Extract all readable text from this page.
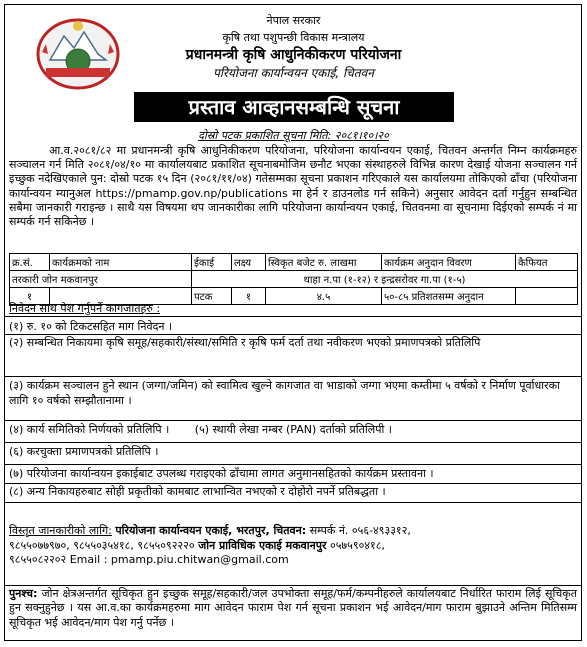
नेपाल सरकार
कृषि तथा पशुपन्छी विकास मन्त्रालय
प्रधानमन्त्री कृषि आधुनिकीकरण परियोजना
परियोजना कार्यान्वयन एकाई, चितवन
प्रस्ताव आव्हानसम्बन्धि सूचना
दोस्रो पटक प्रकाशित सूचना मिति: २०८१।१०।२०
आ.व.२०८१/८२ मा प्रधानमन्त्री कृषि आधुनिकीकरण परियोजना, परियोजना कार्यान्वयन एकाई, चितवन अन्तर्गत निम्न कार्यक्रमहरु सञ्चालन गर्न मिति २०८१/०४/१० मा कार्यालयबाट प्रकाशित सूचनाबमोजिम छनौट भएका संस्थाहरुले विभिन्न कारण देखाई योजना सञ्चालन गर्न इच्छुक नदेखिएकाले पुन: दोस्रो पटक १५ दिन (२०८१/११/०४) गतेसम्मका सूचना प्रकाशन गरिएकाले यस कार्यालयमा तोकिएको ढाँचा (परियोजना कार्यान्वयन म्यानुअल https://pmamp.gov.np/publications मा हेर्न र डाउनलोड गर्न सकिने) अनुसार आवेदन दर्ता गर्नुहुन सम्बन्धित सबैमा जानकारी गराइन्छ । साथै यस विषयमा थप जानकारीका लागि परियोजना कार्यान्वयन एकाई, चितवनमा वा सूचनामा दिईएको सम्पर्क नं मा सम्पर्क गर्न सकिनेछ ।
क्र.सं.	कार्यक्रमको नाम	ईकाई	लक्ष्य	स्विकृत बजेट रु. लाखमा	कार्यक्रम अनुदान विवरण	कैफियत
तरकारी जोन मकवानपुर		थाहा न.पा (१-१२) र इन्द्रसरोवर गा.पा (१-५)				
१		पटक	१	४.५	५०-८५ प्रतिशतसम्म अनुदान	
निवेदन साथ पेश गर्नुपर्ने कागजातहरु :
(१) रु. १० को टिकटसहित माग निवेदन ।
(२) सम्बन्धित निकायमा कृषि समूह/सहकारी/संस्था/समिति र कृषि फर्म दर्ता तथा नवीकरण भएको प्रमाणपत्रको प्रतिलिपि
(३) कार्यक्रम सञ्चालन हुने स्थान (जग्गा/जमिन) को स्वामित्व खुल्ने कागजात वा भाडाको जग्गा भएमा कम्तीमा ५ वर्षको र निर्माण पूर्वाधारका लागि १० वर्षको सम्झौतानामा ।
(४) कार्य समितिको निर्णयको प्रतिलिपि । (५) स्थायी लेखा नम्बर (PAN) दर्ताको प्रतिलिपी ।
(६) करचुक्ता प्रमाणपत्रको प्रतिलिपि ।
(७) परियोजना कार्यान्वयन इकाईबाट उपलब्ध गराइएको ढाँचामा लागत अनुमानसहितको कार्यक्रम प्रस्तावना ।
(८) अन्य निकायहरुबाट सोही प्रकृतीको कामबाट लाभान्वित नभएको र दोहोरो नपर्ने प्रतिबद्धता ।
विस्तृत जानकारीको लागि: परियोजना कार्यान्वयन एकाई, भरतपुर, चितवन: सम्पर्क नं. ०५६-४९३३१२,
९८५५०७७९७०, ९८५५०३५४१८, ९८५५०९२२२० जोन प्राविधिक एकाई मकवानपुर ०५७५९०४१८,
९८५५०८२२०२ Email : pmamp.piu.chitwan@gmail.com
पुनश्च: जोन क्षेत्रअन्तर्गत सूचिकृत हुन इच्छुक समूह/सहकारी/जल उपभोक्ता समूह/फर्म/कम्पनीहरुले कार्यालयबाट निर्धारित फाराम लिई सूचिकृत हुन सक्नुहुनेछ । यस आ.व.का कार्यक्रमहरुमा माग आवेदन फाराम पेश गर्न सूचना प्रकाशन भई आवेदन/माग फाराम बुझाउने अन्तिम मितिसम्म सूचिकृत भई आवेदन/माग पेश गर्नु पर्नेछ ।
